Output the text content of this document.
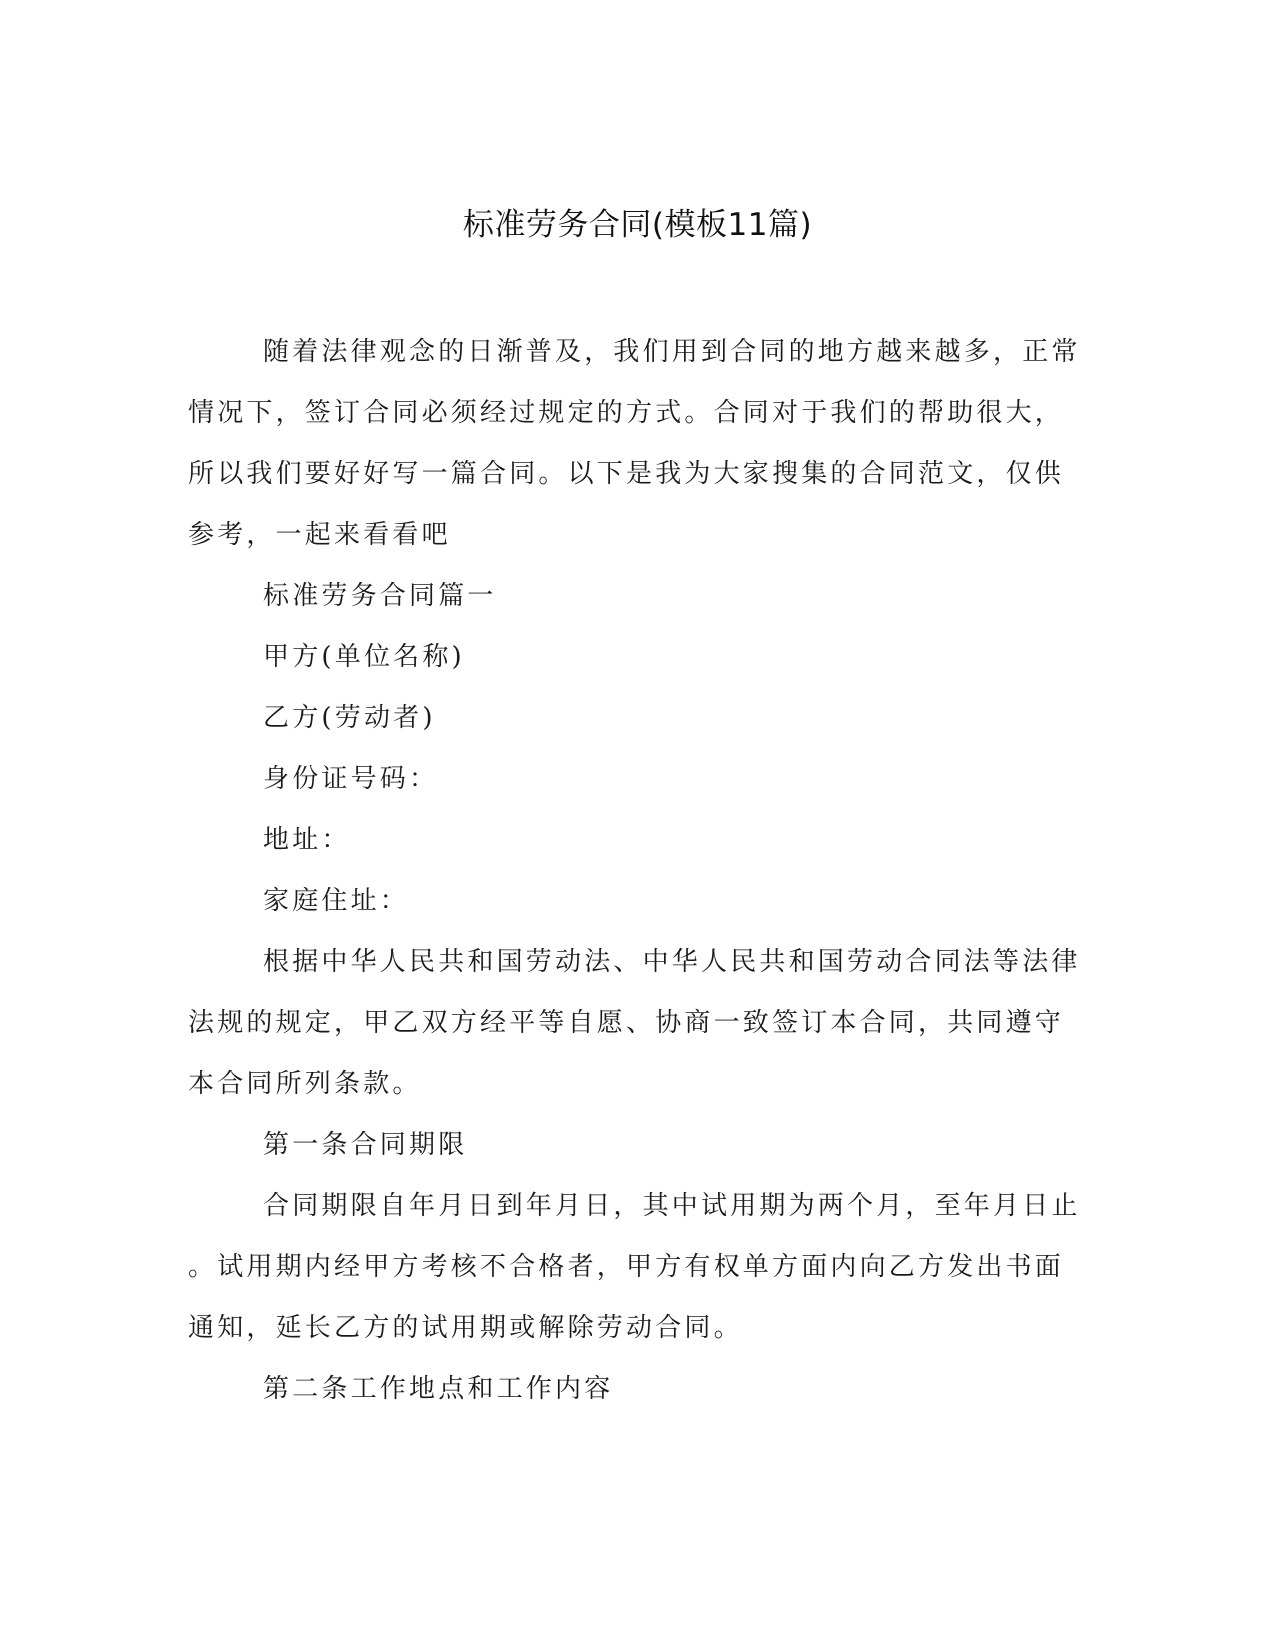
标准劳务合同(模板11篇)
随着法律观念的日渐普及，我们用到合同的地方越来越多，正常
情况下，签订合同必须经过规定的方式。合同对于我们的帮助很大，
所以我们要好好写一篇合同。以下是我为大家搜集的合同范文，仅供
参考，一起来看看吧
标准劳务合同篇一
甲方(单位名称)
乙方(劳动者)
身份证号码：
地址：
家庭住址：
根据中华人民共和国劳动法、中华人民共和国劳动合同法等法律
法规的规定，甲乙双方经平等自愿、协商一致签订本合同，共同遵守
本合同所列条款。
第一条合同期限
合同期限自年月日到年月日，其中试用期为两个月，至年月日止
。试用期内经甲方考核不合格者，甲方有权单方面内向乙方发出书面
通知，延长乙方的试用期或解除劳动合同。
第二条工作地点和工作内容
